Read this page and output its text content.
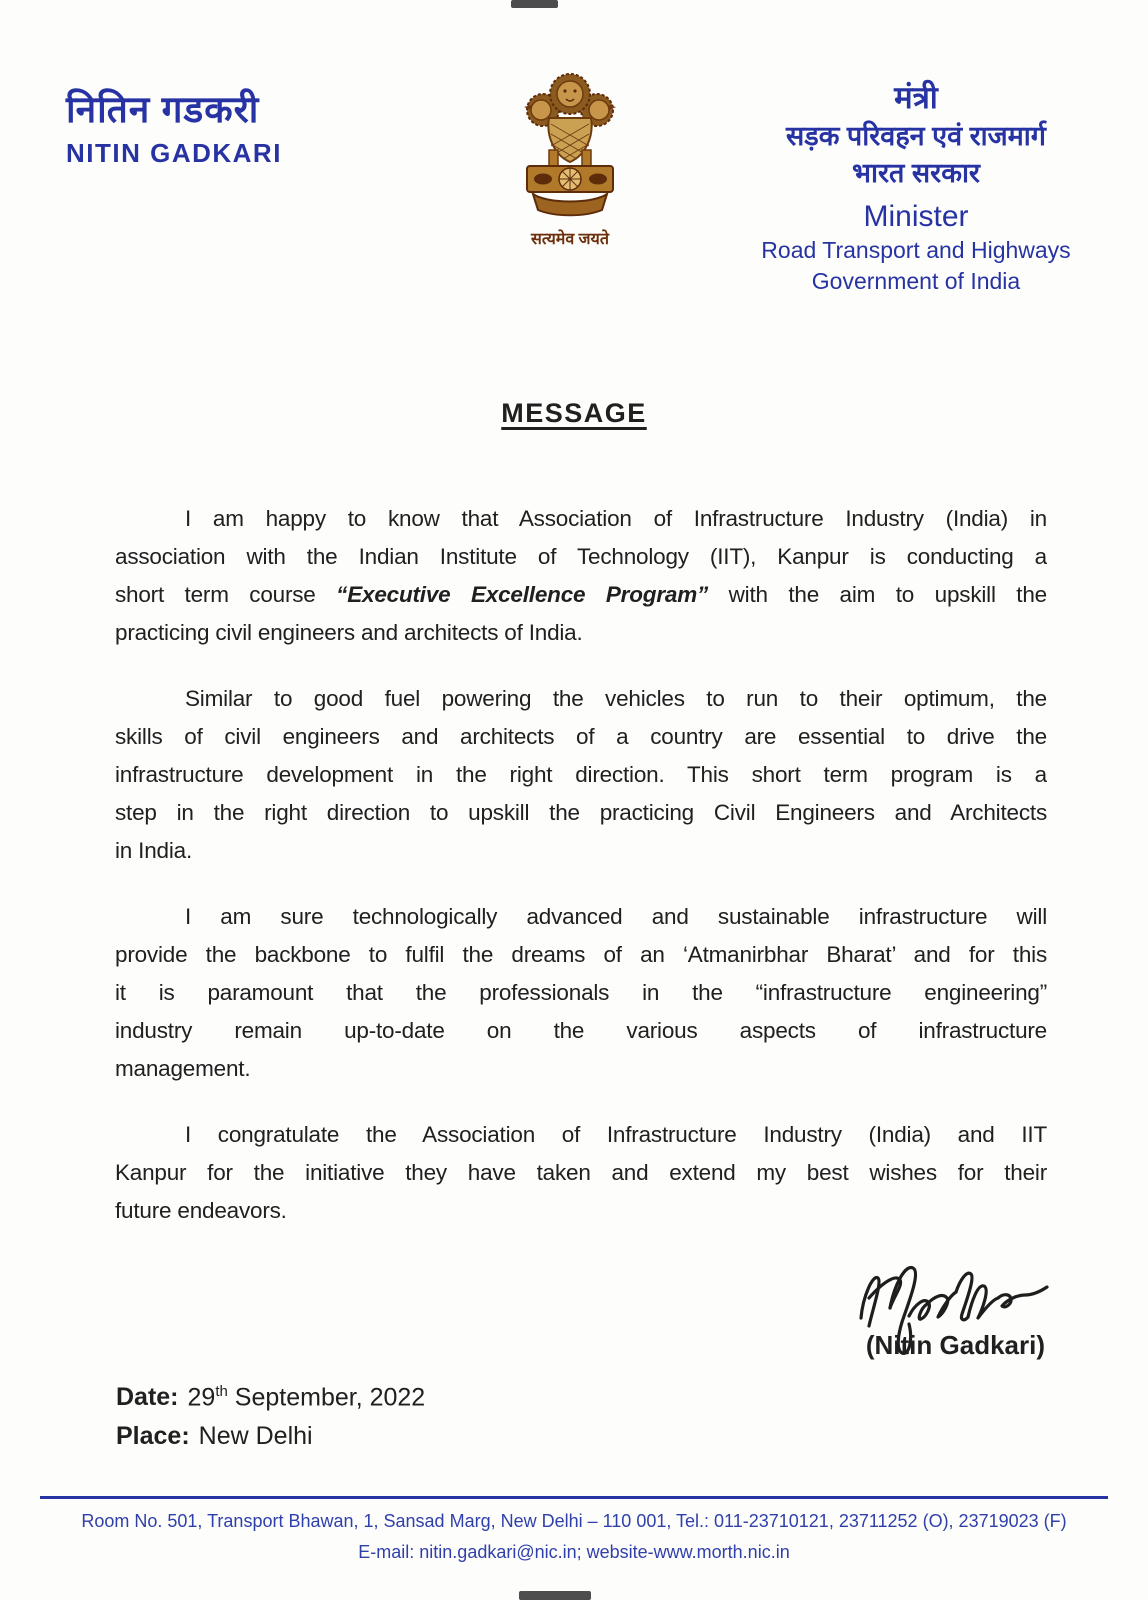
नितिन गडकरी
NITIN GADKARI
सत्यमेव जयते
मंत्री
सड़क परिवहन एवं राजमार्ग
भारत सरकार
Minister
Road Transport and Highways
Government of India
MESSAGE
I am happy to know that Association of Infrastructure Industry (India) in
association with the Indian Institute of Technology (IIT), Kanpur is conducting a
short term course “Executive Excellence Program” with the aim to upskill the
practicing civil engineers and architects of India.
Similar to good fuel powering the vehicles to run to their optimum, the
skills of civil engineers and architects of a country are essential to drive the
infrastructure development in the right direction. This short term program is a
step in the right direction to upskill the practicing Civil Engineers and Architects
in India.
I am sure technologically advanced and sustainable infrastructure will
provide the backbone to fulfil the dreams of an ‘Atmanirbhar Bharat’ and for this
it is paramount that the professionals in the “infrastructure engineering”
industry remain up-to-date on the various aspects of infrastructure
management.
I congratulate the Association of Infrastructure Industry (India) and IIT
Kanpur for the initiative they have taken and extend my best wishes for their
future endeavors.
(Nitin Gadkari)
Date: 29th September, 2022
Place: New Delhi
Room No. 501, Transport Bhawan, 1, Sansad Marg, New Delhi – 110 001, Tel.: 011-23710121, 23711252 (O), 23719023 (F)
E-mail: nitin.gadkari@nic.in; website-www.morth.nic.in
